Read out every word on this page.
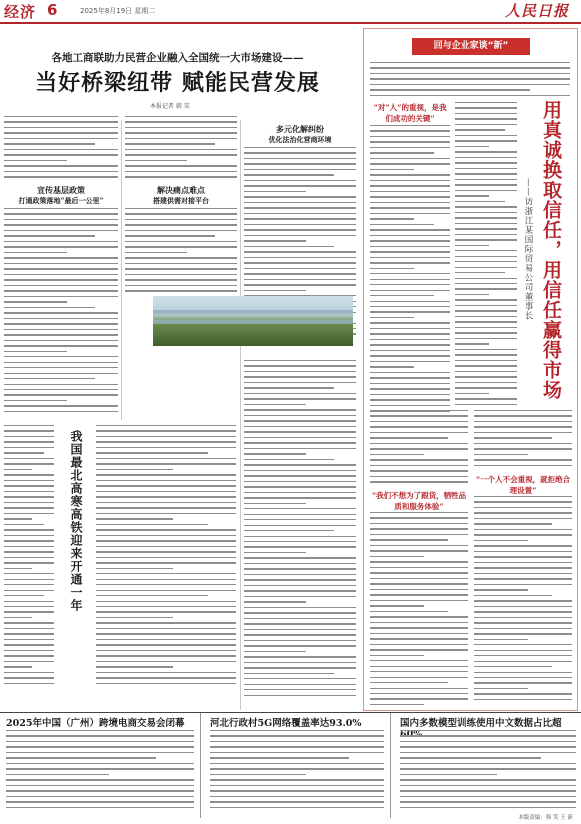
经济 6	2025年8月19日 星期二	人民日报
各地工商联助力民营企业融入全国统一大市场建设——
当好桥梁纽带 赋能民营发展
本报记者 韩 笑
宣传基层政策
打通政策落地“最后一公里”
解决痛点难点
搭建供需对接平台
多元化解纠纷
优化法治化营商环境
我国最北高寒高铁迎来开通一年
回与企业家谈“新”
“对”人”的重视，是我们成功的关键”	用真诚换取信任，用信任赢得市场
——访浙江某国际贸易公司董事长
“我们不想为了跟货，牺牲品质和服务体验”
“一个人不会重视，就拒绝合理设置”
2025年中国（广州）跨境电商交易会闭幕	河北行政村5G网络覆盖率达93.0%	国内多数模型训练使用中文数据占比超
本版责编：韩 笑 王 新
